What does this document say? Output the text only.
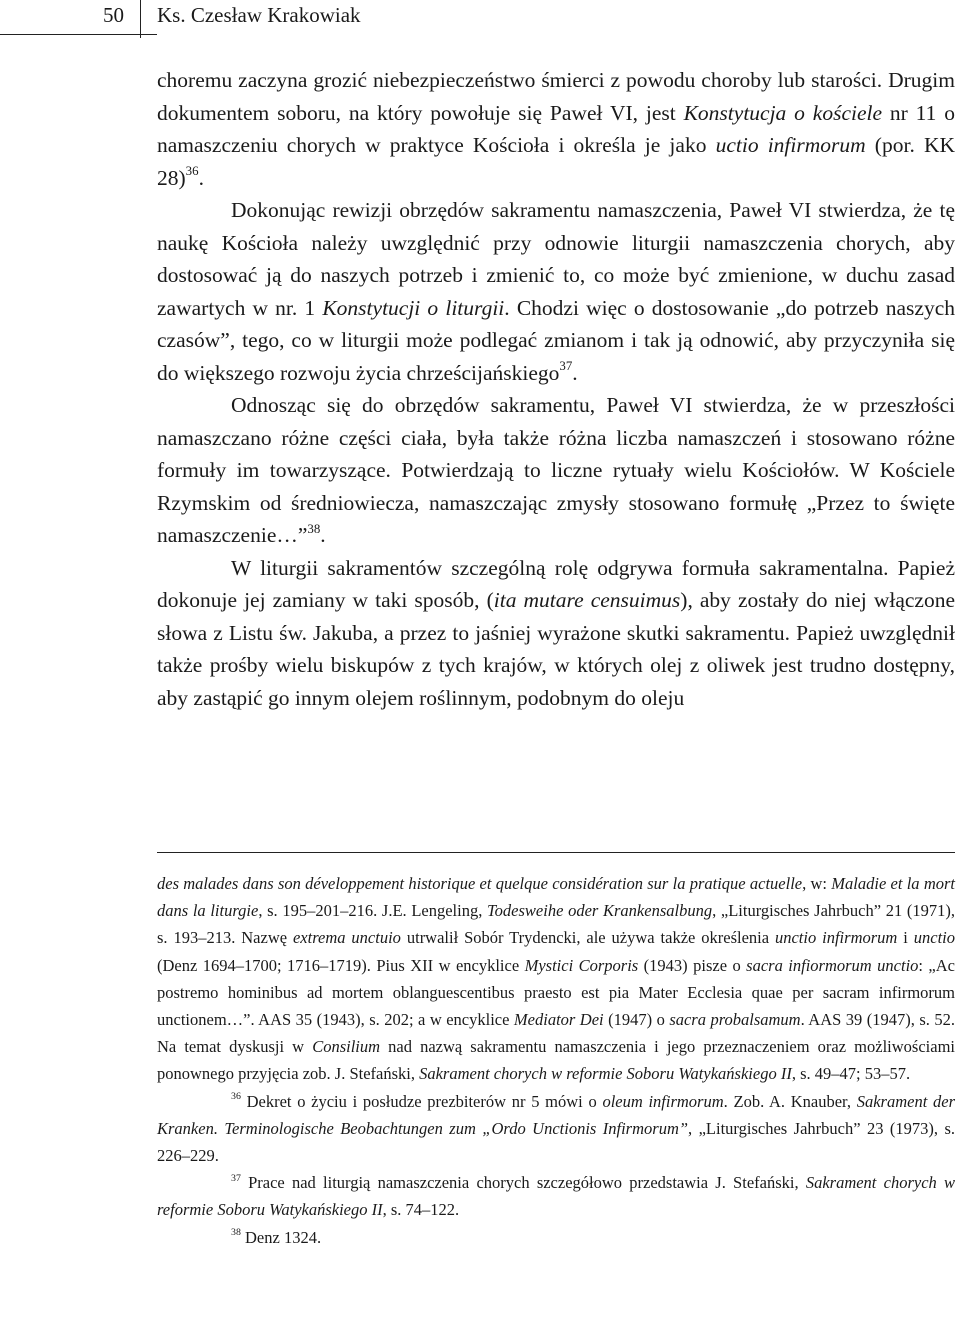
50 Ks. Czesław Krakowiak

choremu zaczyna grozić niebezpieczeństwo śmierci z powodu choroby lub starości. Drugim dokumentem soboru, na który powołuje się Paweł VI, jest Konstytucja o kościele nr 11 o namaszczeniu chorych w praktyce Kościoła i określa je jako uctio infirmorum (por. KK 28)$^{36}$.

Dokonując rewizji obrzędów sakramentu namaszczenia, Paweł VI stwierdza, że tę naukę Kościoła należy uwzględnić przy odnowie liturgii namaszczenia chorych, aby dostosować ją do naszych potrzeb i zmienić to, co może być zmienione, w duchu zasad zawartych w nr. 1 Konstytucji o liturgii. Chodzi więc o dostosowanie „do potrzeb naszych czasów”, tego, co w liturgii może podlegać zmianom i tak ją odnowić, aby przyczyniła się do większego rozwoju życia chrześcijańskiego$^{37}$.

Odnosząc się do obrzędów sakramentu, Paweł VI stwierdza, że w przeszłości namaszczano różne części ciała, była także różna liczba namaszczeń i stosowano różne formuły im towarzyszące. Potwierdzają to liczne rytuały wielu Kościołów. W Kościele Rzymskim od średniowiecza, namaszczając zmysły stosowano formułę „Przez to święte namaszczenie…”$^{38}$.

W liturgii sakramentów szczególną rolę odgrywa formuła sakramentalna. Papież dokonuje jej zamiany w taki sposób, (ita mutare censuimus), aby zostały do niej włączone słowa z Listu św. Jakuba, a przez to jaśniej wyrażone skutki sakramentu. Papież uwzględnił także prośby wielu biskupów z tych krajów, w których olej z oliwek jest trudno dostępny, aby zastąpić go innym olejem roślinnym, podobnym do oleju

des malades dans son développement historique et quelque considération sur la pratique actuelle, w: Maladie et la mort dans la liturgie, s. 195–201–216. J.E. Lengeling, Todesweihe oder Krankensalbung, „Liturgisches Jahrbuch” 21 (1971), s. 193–213. Nazwę extrema unctuio utrwalił Sobór Trydencki, ale używa także określenia unctio infirmorum i unctio (Denz 1694–1700; 1716–1719). Pius XII w encyklice Mystici Corporis (1943) pisze o sacra infiormorum unctio: „Ac postremo hominibus ad mortem oblanguescentibus praesto est pia Mater Ecclesia quae per sacram infirmorum unctionem…”. AAS 35 (1943), s. 202; a w encyklice Mediator Dei (1947) o sacra probalsamum. AAS 39 (1947), s. 52. Na temat dyskusji w Consilium nad nazwą sakramentu namaszczenia i jego przeznaczeniem oraz możliwościami ponownego przyjęcia zob. J. Stefański, Sakrament chorych w reformie Soboru Watykańskiego II, s. 49–47; 53–57.

$^{36}$ Dekret o życiu i posłudze prezbiterów nr 5 mówi o oleum infirmorum. Zob. A. Knauber, Sakrament der Kranken. Terminologische Beobachtungen zum „Ordo Unctionis Infirmorum”, „Liturgisches Jahrbuch” 23 (1973), s. 226–229.

$^{37}$ Prace nad liturgią namaszczenia chorych szczegółowo przedstawia J. Stefański, Sakrament chorych w reformie Soboru Watykańskiego II, s. 74–122.

$^{38}$ Denz 1324.
